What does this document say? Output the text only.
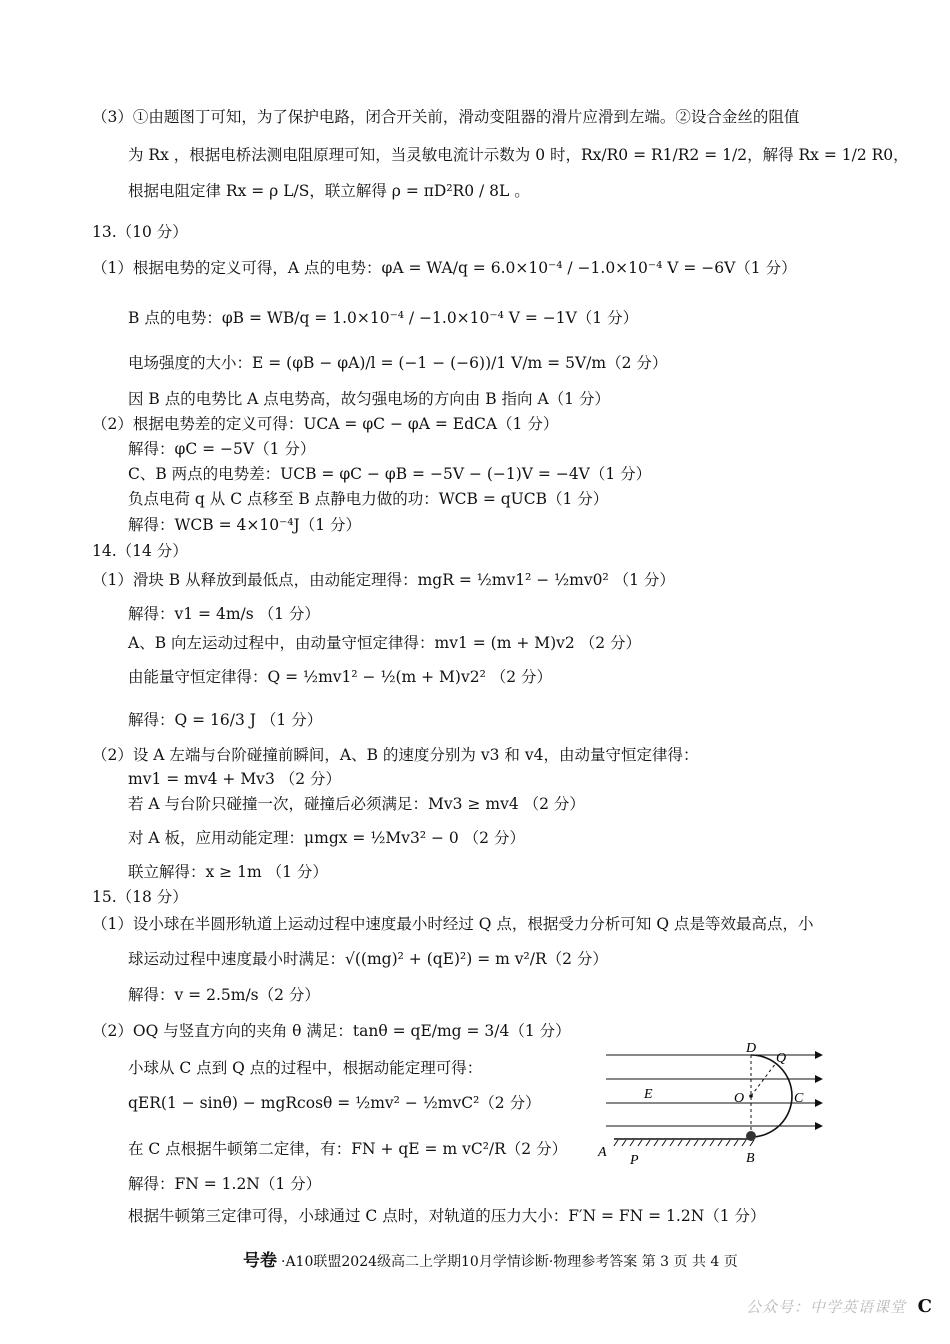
（3）①由题图丁可知，为了保护电路，闭合开关前，滑动变阻器的滑片应滑到左端。②设合金丝的阻值
为 Rx ，根据电桥法测电阻原理可知，当灵敏电流计示数为 0 时，Rx/R0 = R1/R2 = 1/2，解得 Rx = 1/2 R0，
根据电阻定律 Rx = ρ L/S，联立解得 ρ = πD²R0 / 8L 。
13.（10 分）
（1）根据电势的定义可得，A 点的电势：φA = WA/q = 6.0×10⁻⁴ / −1.0×10⁻⁴ V = −6V（1 分）
B 点的电势：φB = WB/q = 1.0×10⁻⁴ / −1.0×10⁻⁴ V = −1V（1 分）
电场强度的大小：E = (φB − φA)/l = (−1 − (−6))/1 V/m = 5V/m（2 分）
因 B 点的电势比 A 点电势高，故匀强电场的方向由 B 指向 A（1 分）
（2）根据电势差的定义可得：UCA = φC − φA = EdCA（1 分）
解得：φC = −5V（1 分）
C、B 两点的电势差：UCB = φC − φB = −5V − (−1)V = −4V（1 分）
负点电荷 q 从 C 点移至 B 点静电力做的功：WCB = qUCB（1 分）
解得：WCB = 4×10⁻⁴J（1 分）
14.（14 分）
（1）滑块 B 从释放到最低点，由动能定理得：mgR = ½mv1² − ½mv0² （1 分）
解得：v1 = 4m/s （1 分）
A、B 向左运动过程中，由动量守恒定律得：mv1 = (m + M)v2 （2 分）
由能量守恒定律得：Q = ½mv1² − ½(m + M)v2² （2 分）
解得：Q = 16/3 J （1 分）
（2）设 A 左端与台阶碰撞前瞬间，A、B 的速度分别为 v3 和 v4，由动量守恒定律得：
mv1 = mv4 + Mv3 （2 分）
若 A 与台阶只碰撞一次，碰撞后必须满足：Mv3 ≥ mv4 （2 分）
对 A 板，应用动能定理：μmgx = ½Mv3² − 0 （2 分）
联立解得：x ≥ 1m （1 分）
15.（18 分）
（1）设小球在半圆形轨道上运动过程中速度最小时经过 Q 点，根据受力分析可知 Q 点是等效最高点，小
球运动过程中速度最小时满足：√((mg)² + (qE)²) = m v²/R（2 分）
解得：v = 2.5m/s（2 分）
（2）OQ 与竖直方向的夹角 θ 满足：tanθ = qE/mg = 3/4（1 分）
小球从 C 点到 Q 点的过程中，根据动能定理可得：
qER(1 − sinθ) − mgRcosθ = ½mv² − ½mvC²（2 分）
在 C 点根据牛顿第二定律，有：FN + qE = m vC²/R（2 分）
解得：FN = 1.2N（1 分）
根据牛顿第三定律可得，小球通过 C 点时，对轨道的压力大小：F′N = FN = 1.2N（1 分）
D
Q
E	O	C
A
P	B
号卷 ·A10联盟2024级高二上学期10月学情诊断·物理参考答案 第 3 页 共 4 页
公众号：中学英语课堂 C
